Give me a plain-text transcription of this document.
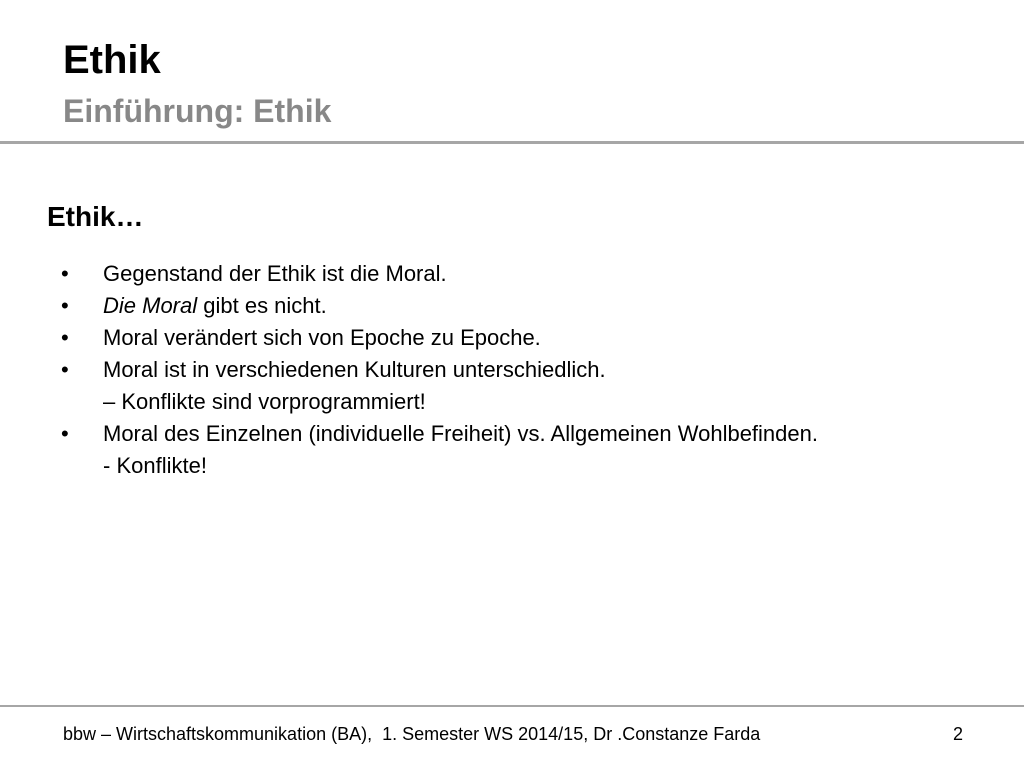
Ethik
Einführung: Ethik
Ethik…
• Gegenstand der Ethik ist die Moral.
• Die Moral gibt es nicht.
• Moral verändert sich von Epoche zu Epoche.
• Moral ist in verschiedenen Kulturen unterschiedlich.
– Konflikte sind vorprogrammiert!
• Moral des Einzelnen (individuelle Freiheit) vs. Allgemeinen Wohlbefinden.
- Konflikte!
bbw – Wirtschaftskommunikation (BA),  1. Semester WS 2014/15, Dr .Constanze Farda	2
